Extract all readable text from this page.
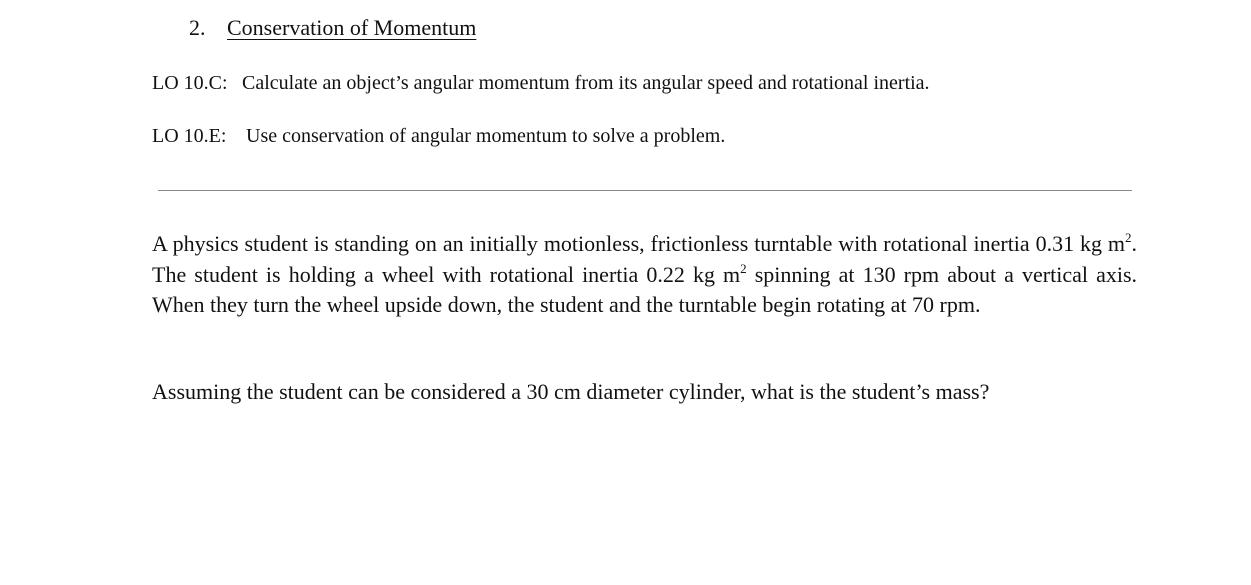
2. Conservation of Momentum
LO 10.C: Calculate an object’s angular momentum from its angular speed and rotational inertia.
LO 10.E: Use conservation of angular momentum to solve a problem.
A physics student is standing on an initially motionless, frictionless turntable with rotational inertia 0.31 kg $m^2$. The student is holding a wheel with rotational inertia 0.22 kg $m^2$ spinning at 130 rpm about a vertical axis. When they turn the wheel upside down, the student and the turntable begin rotating at 70 rpm.
Assuming the student can be considered a 30 cm diameter cylinder, what is the student’s mass?
